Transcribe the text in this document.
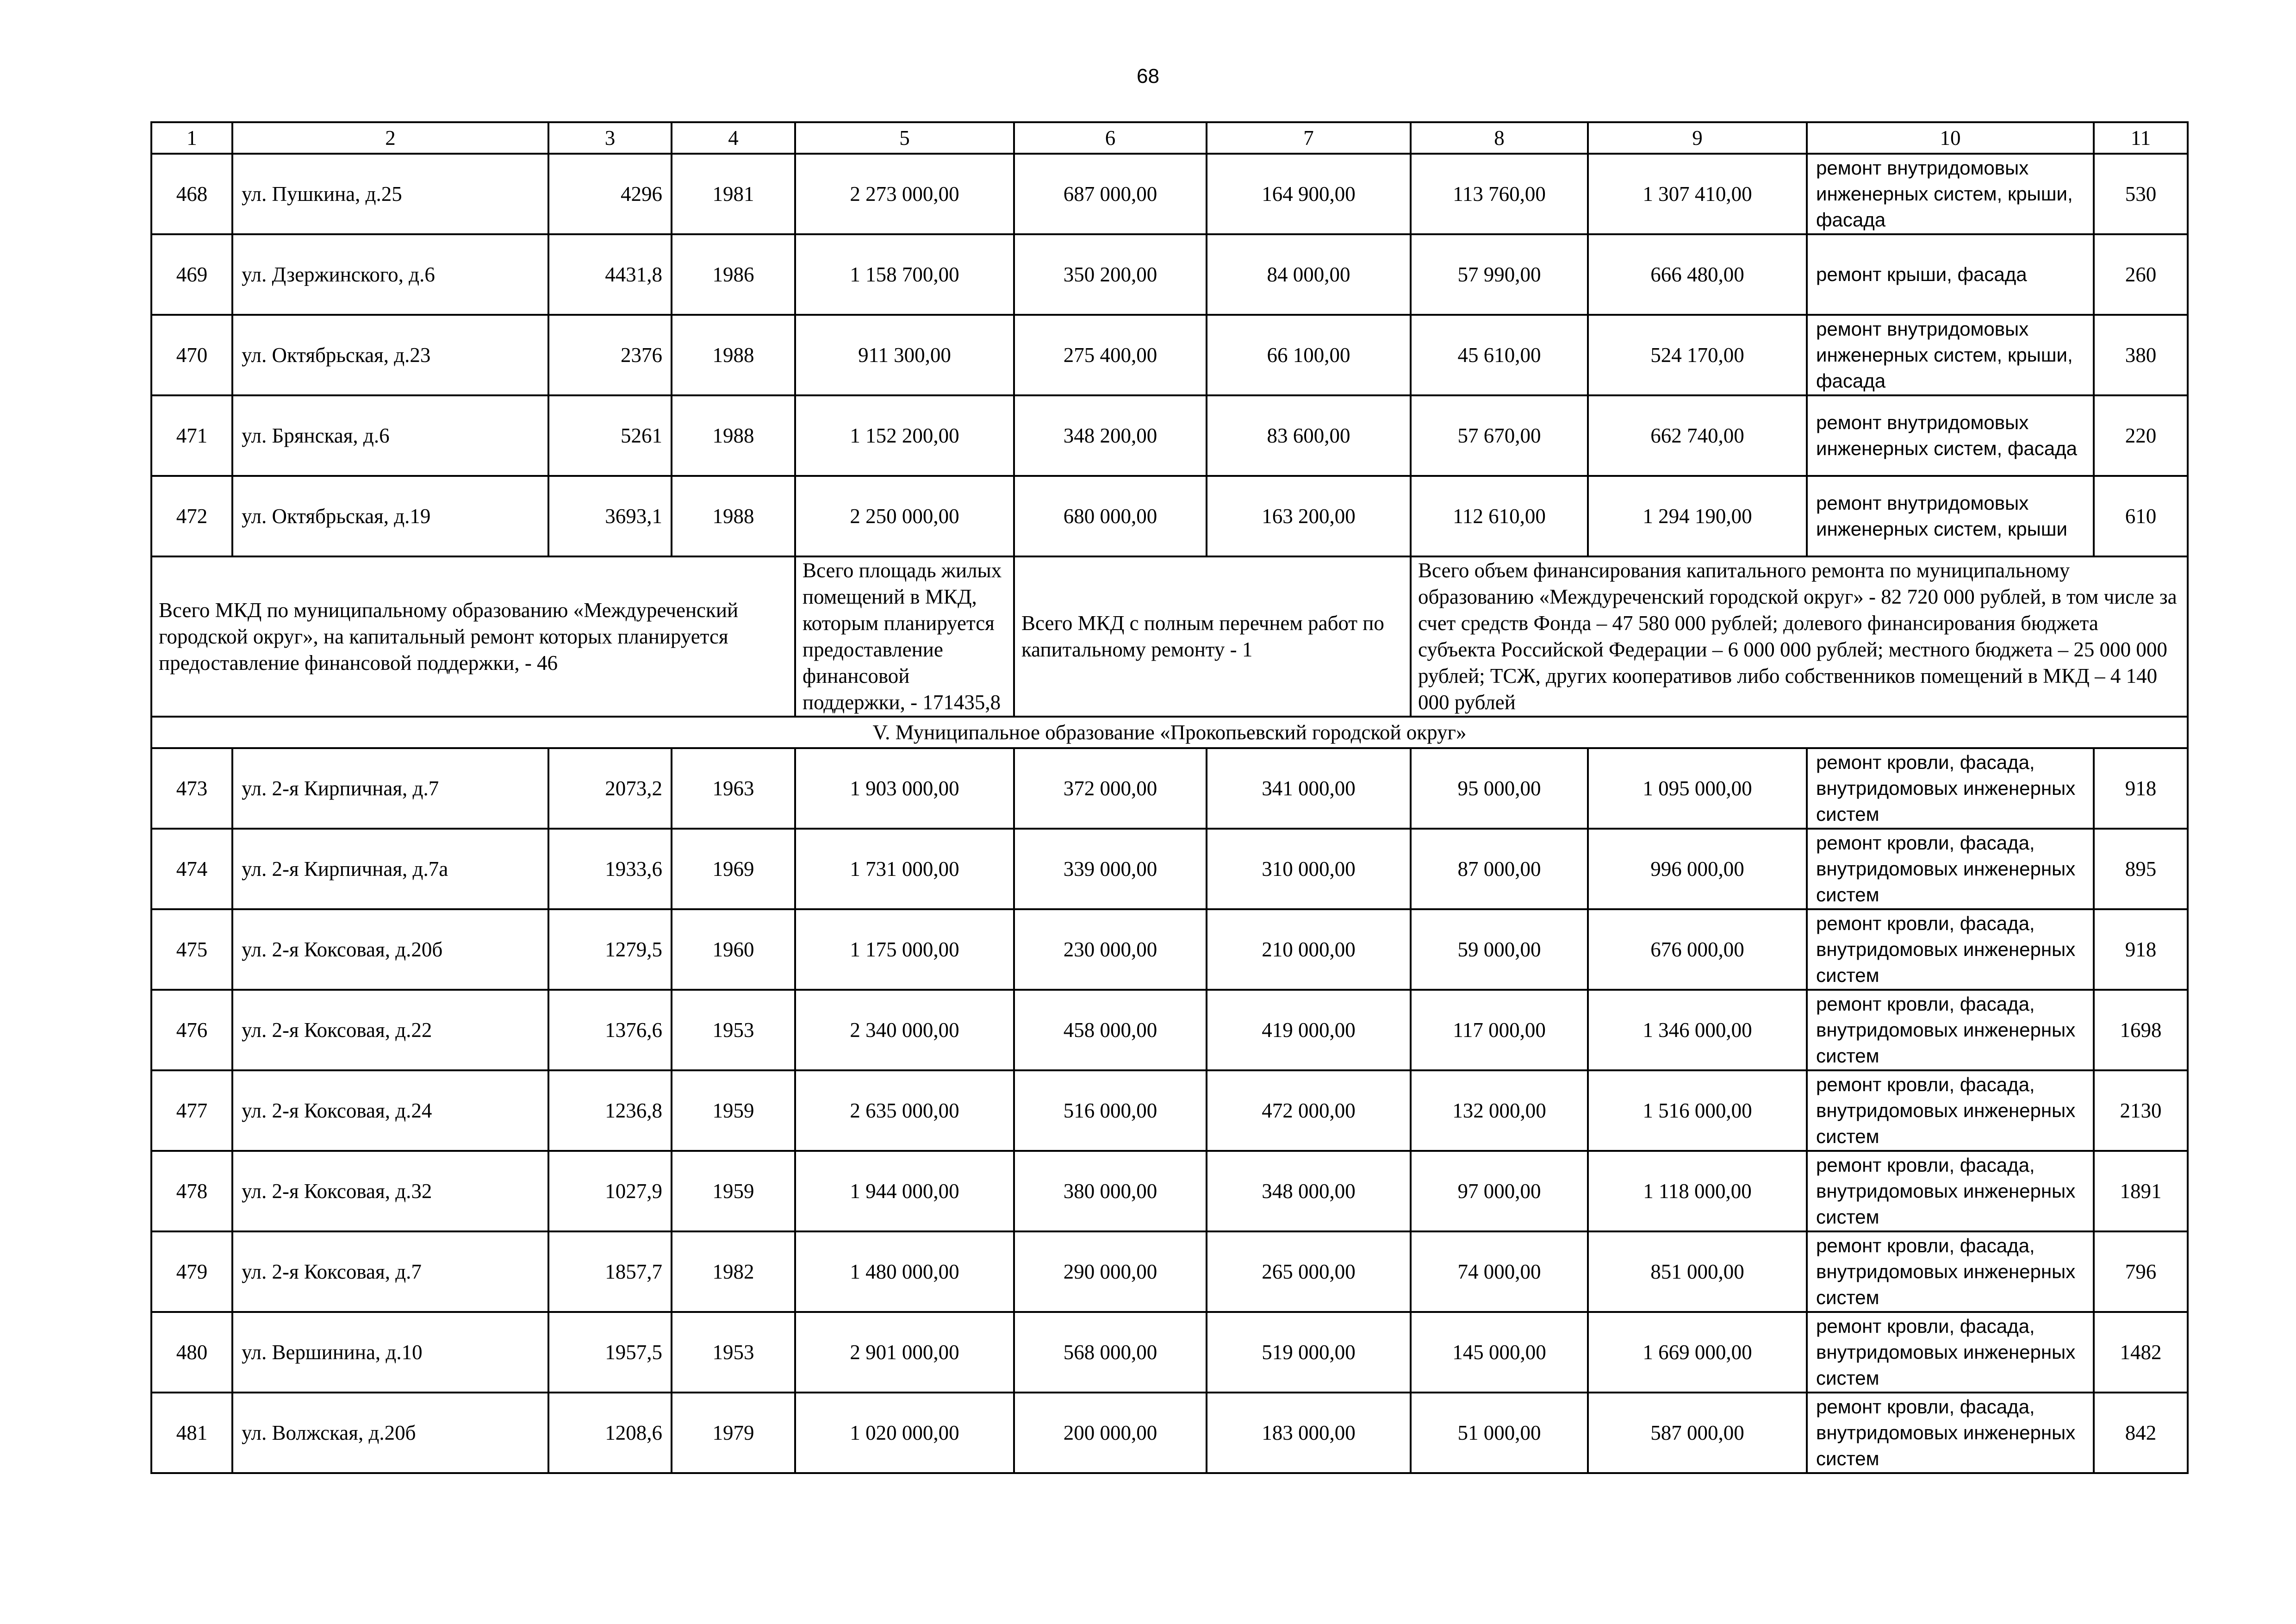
68
1	2	3	4	5	6	7	8	9	10	11
468	ул. Пушкина, д.25	4296	1981	2 273 000,00	687 000,00	164 900,00	113 760,00	1 307 410,00	ремонт внутридомовых инженерных систем, крыши, фасада	530
469	ул. Дзержинского, д.6	4431,8	1986	1 158 700,00	350 200,00	84 000,00	57 990,00	666 480,00	ремонт крыши, фасада	260
470	ул. Октябрьская, д.23	2376	1988	911 300,00	275 400,00	66 100,00	45 610,00	524 170,00	ремонт внутридомовых инженерных систем, крыши, фасада	380
471	ул. Брянская, д.6	5261	1988	1 152 200,00	348 200,00	83 600,00	57 670,00	662 740,00	ремонт внутридомовых инженерных систем, фасада	220
472	ул. Октябрьская, д.19	3693,1	1988	2 250 000,00	680 000,00	163 200,00	112 610,00	1 294 190,00	ремонт внутридомовых инженерных систем, крыши	610
Всего МКД по муниципальному образованию «Междуреченский городской округ», на капитальный ремонт которых планируется предоставление финансовой поддержки, - 46				Всего площадь жилых помещений в МКД, которым планируется предоставление финансовой поддержки, - 171435,8	Всего МКД с полным перечнем работ по капитальному ремонту - 1		Всего объем финансирования капитального ремонта по муниципальному образованию «Междуреченский городской округ» - 82 720 000 рублей, в том числе за счет средств Фонда – 47 580 000 рублей; долевого финансирования бюджета субъекта Российской Федерации – 6 000 000 рублей; местного бюджета – 25 000 000 рублей; ТСЖ, других кооперативов либо собственников помещений в МКД – 4 140 000 рублей			
V. Муниципальное образование «Прокопьевский городской округ»										
473	ул. 2-я Кирпичная, д.7	2073,2	1963	1 903 000,00	372 000,00	341 000,00	95 000,00	1 095 000,00	ремонт кровли, фасада, внутридомовых инженерных систем	918
474	ул. 2-я Кирпичная, д.7а	1933,6	1969	1 731 000,00	339 000,00	310 000,00	87 000,00	996 000,00	ремонт кровли, фасада, внутридомовых инженерных систем	895
475	ул. 2-я Коксовая, д.20б	1279,5	1960	1 175 000,00	230 000,00	210 000,00	59 000,00	676 000,00	ремонт кровли, фасада, внутридомовых инженерных систем	918
476	ул. 2-я Коксовая, д.22	1376,6	1953	2 340 000,00	458 000,00	419 000,00	117 000,00	1 346 000,00	ремонт кровли, фасада, внутридомовых инженерных систем	1698
477	ул. 2-я Коксовая, д.24	1236,8	1959	2 635 000,00	516 000,00	472 000,00	132 000,00	1 516 000,00	ремонт кровли, фасада, внутридомовых инженерных систем	2130
478	ул. 2-я Коксовая, д.32	1027,9	1959	1 944 000,00	380 000,00	348 000,00	97 000,00	1 118 000,00	ремонт кровли, фасада, внутридомовых инженерных систем	1891
479	ул. 2-я Коксовая, д.7	1857,7	1982	1 480 000,00	290 000,00	265 000,00	74 000,00	851 000,00	ремонт кровли, фасада, внутридомовых инженерных систем	796
480	ул. Вершинина, д.10	1957,5	1953	2 901 000,00	568 000,00	519 000,00	145 000,00	1 669 000,00	ремонт кровли, фасада, внутридомовых инженерных систем	1482
481	ул. Волжская, д.20б	1208,6	1979	1 020 000,00	200 000,00	183 000,00	51 000,00	587 000,00	ремонт кровли, фасада, внутридомовых инженерных систем	842
